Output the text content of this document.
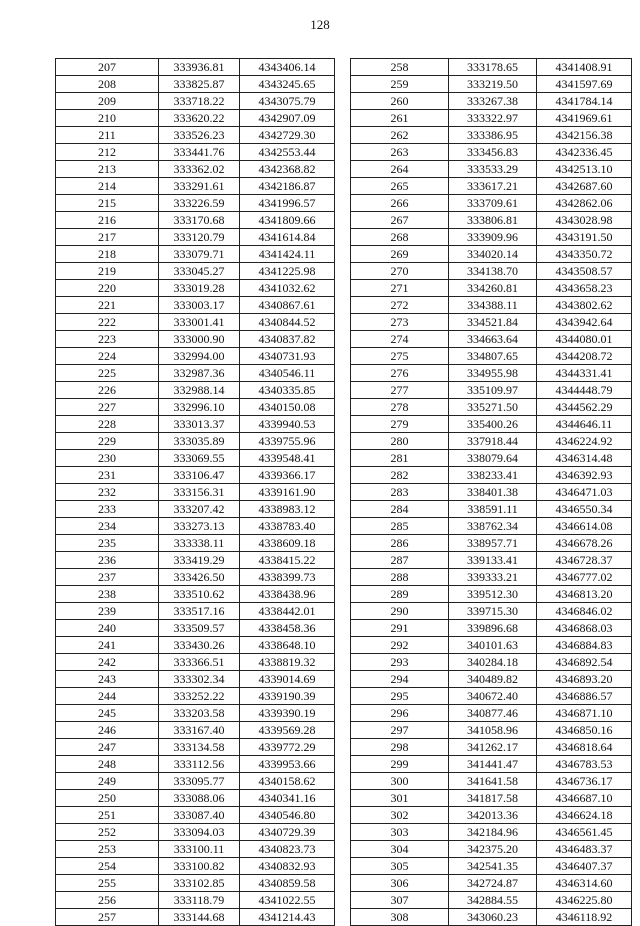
128
207	333936.81	4343406.14
208	333825.87	4343245.65
209	333718.22	4343075.79
210	333620.22	4342907.09
211	333526.23	4342729.30
212	333441.76	4342553.44
213	333362.02	4342368.82
214	333291.61	4342186.87
215	333226.59	4341996.57
216	333170.68	4341809.66
217	333120.79	4341614.84
218	333079.71	4341424.11
219	333045.27	4341225.98
220	333019.28	4341032.62
221	333003.17	4340867.61
222	333001.41	4340844.52
223	333000.90	4340837.82
224	332994.00	4340731.93
225	332987.36	4340546.11
226	332988.14	4340335.85
227	332996.10	4340150.08
228	333013.37	4339940.53
229	333035.89	4339755.96
230	333069.55	4339548.41
231	333106.47	4339366.17
232	333156.31	4339161.90
233	333207.42	4338983.12
234	333273.13	4338783.40
235	333338.11	4338609.18
236	333419.29	4338415.22
237	333426.50	4338399.73
238	333510.62	4338438.96
239	333517.16	4338442.01
240	333509.57	4338458.36
241	333430.26	4338648.10
242	333366.51	4338819.32
243	333302.34	4339014.69
244	333252.22	4339190.39
245	333203.58	4339390.19
246	333167.40	4339569.28
247	333134.58	4339772.29
248	333112.56	4339953.66
249	333095.77	4340158.62
250	333088.06	4340341.16
251	333087.40	4340546.80
252	333094.03	4340729.39
253	333100.11	4340823.73
254	333100.82	4340832.93
255	333102.85	4340859.58
256	333118.79	4341022.55
257	333144.68	4341214.43
258	333178.65	4341408.91
259	333219.50	4341597.69
260	333267.38	4341784.14
261	333322.97	4341969.61
262	333386.95	4342156.38
263	333456.83	4342336.45
264	333533.29	4342513.10
265	333617.21	4342687.60
266	333709.61	4342862.06
267	333806.81	4343028.98
268	333909.96	4343191.50
269	334020.14	4343350.72
270	334138.70	4343508.57
271	334260.81	4343658.23
272	334388.11	4343802.62
273	334521.84	4343942.64
274	334663.64	4344080.01
275	334807.65	4344208.72
276	334955.98	4344331.41
277	335109.97	4344448.79
278	335271.50	4344562.29
279	335400.26	4344646.11
280	337918.44	4346224.92
281	338079.64	4346314.48
282	338233.41	4346392.93
283	338401.38	4346471.03
284	338591.11	4346550.34
285	338762.34	4346614.08
286	338957.71	4346678.26
287	339133.41	4346728.37
288	339333.21	4346777.02
289	339512.30	4346813.20
290	339715.30	4346846.02
291	339896.68	4346868.03
292	340101.63	4346884.83
293	340284.18	4346892.54
294	340489.82	4346893.20
295	340672.40	4346886.57
296	340877.46	4346871.10
297	341058.96	4346850.16
298	341262.17	4346818.64
299	341441.47	4346783.53
300	341641.58	4346736.17
301	341817.58	4346687.10
302	342013.36	4346624.18
303	342184.96	4346561.45
304	342375.20	4346483.37
305	342541.35	4346407.37
306	342724.87	4346314.60
307	342884.55	4346225.80
308	343060.23	4346118.92
